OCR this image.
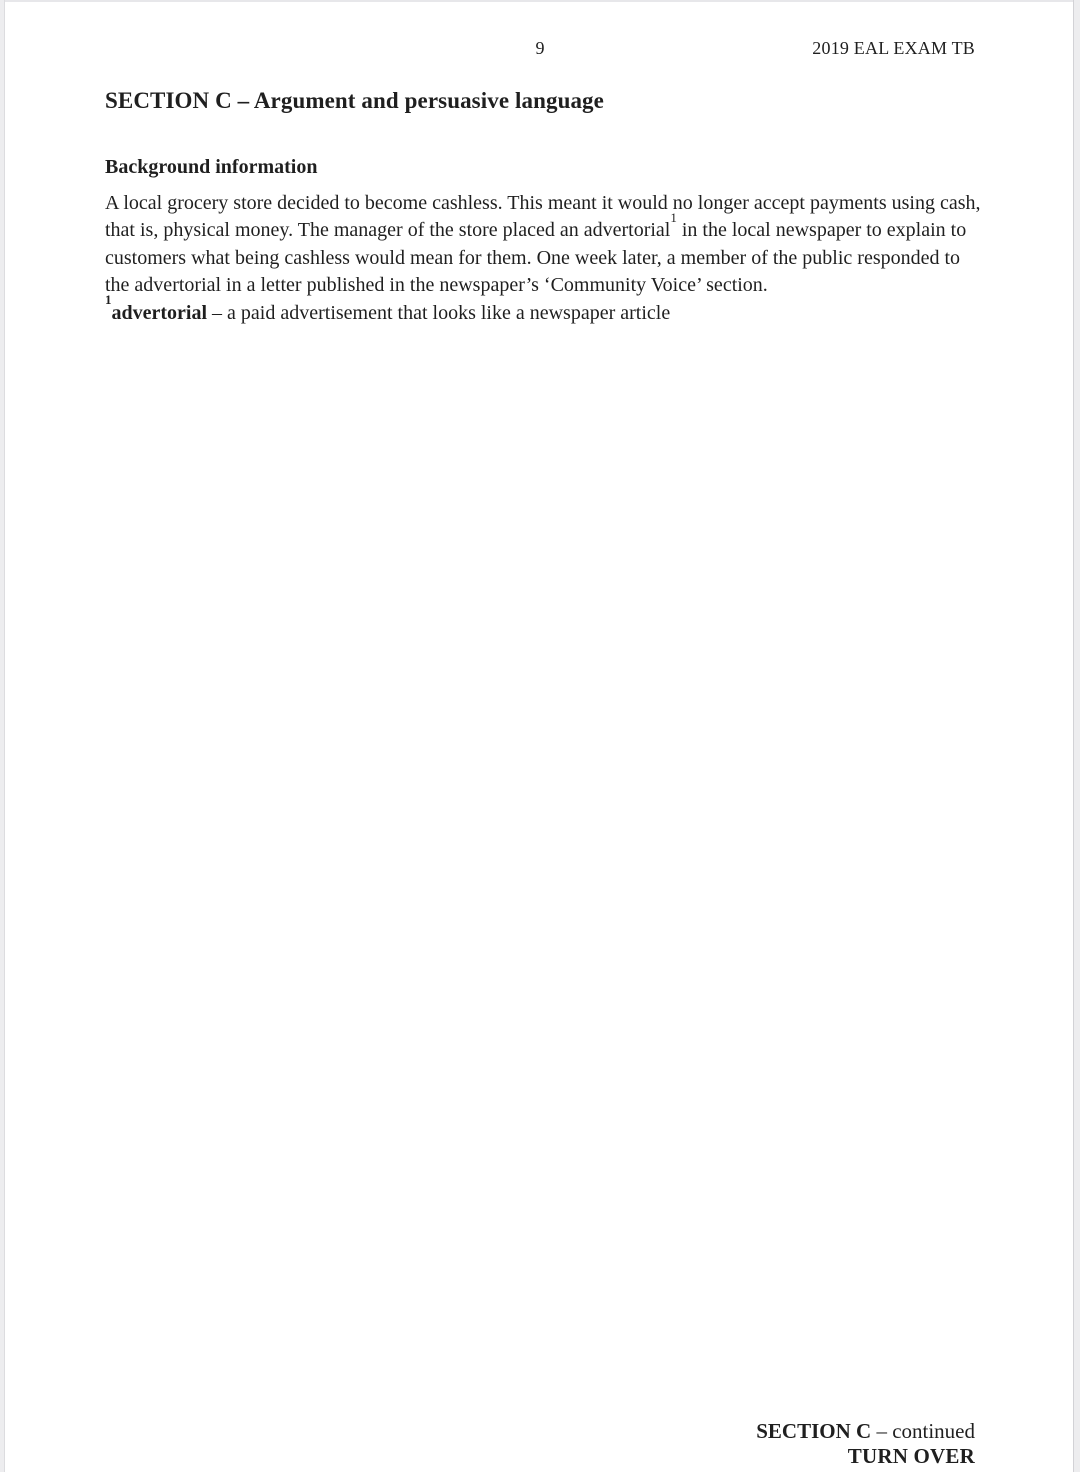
9	2019 EAL EXAM TB
SECTION C – Argument and persuasive language
Background information
A local grocery store decided to become cashless. This meant it would no longer accept payments using cash,
that is, physical money. The manager of the store placed an advertorial$^1$ in the local newspaper to explain to
customers what being cashless would mean for them. One week later, a member of the public responded to
the advertorial in a letter published in the newspaper’s ‘Community Voice’ section.

$^1$advertorial – a paid advertisement that looks like a newspaper article

SECTION C – continued
TURN OVER
